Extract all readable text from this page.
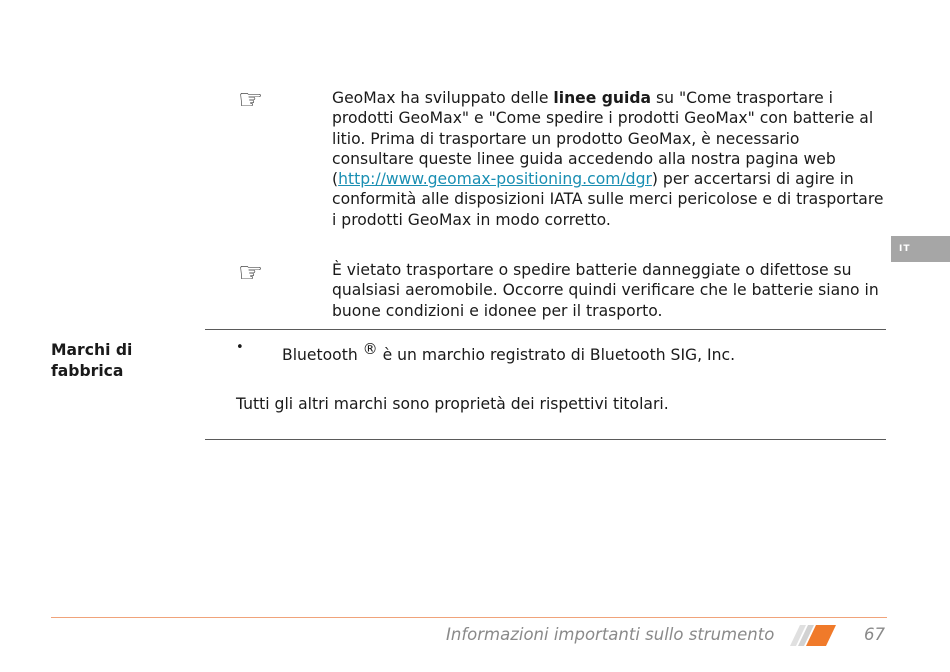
☞	GeoMax ha sviluppato delle linee guida su "Come trasportare i prodotti GeoMax" e "Come spedire i prodotti GeoMax" con batterie al litio. Prima di trasportare un prodotto GeoMax, è necessario consultare queste linee guida accedendo alla nostra pagina web (http://www.geomax-positioning.com/dgr) per accertarsi di agire in conformità alle disposizioni IATA sulle merci pericolose e di trasportare i prodotti GeoMax in modo corretto.
☞	È vietato trasportare o spedire batterie danneggiate o difettose su qualsiasi aeromobile. Occorre quindi verificare che le batterie siano in buone condizioni e idonee per il trasporto.
Marchi di fabbrica
• Bluetooth ® è un marchio registrato di Bluetooth SIG, Inc.
Tutti gli altri marchi sono proprietà dei rispettivi titolari.
IT
Informazioni importanti sullo strumento	67
